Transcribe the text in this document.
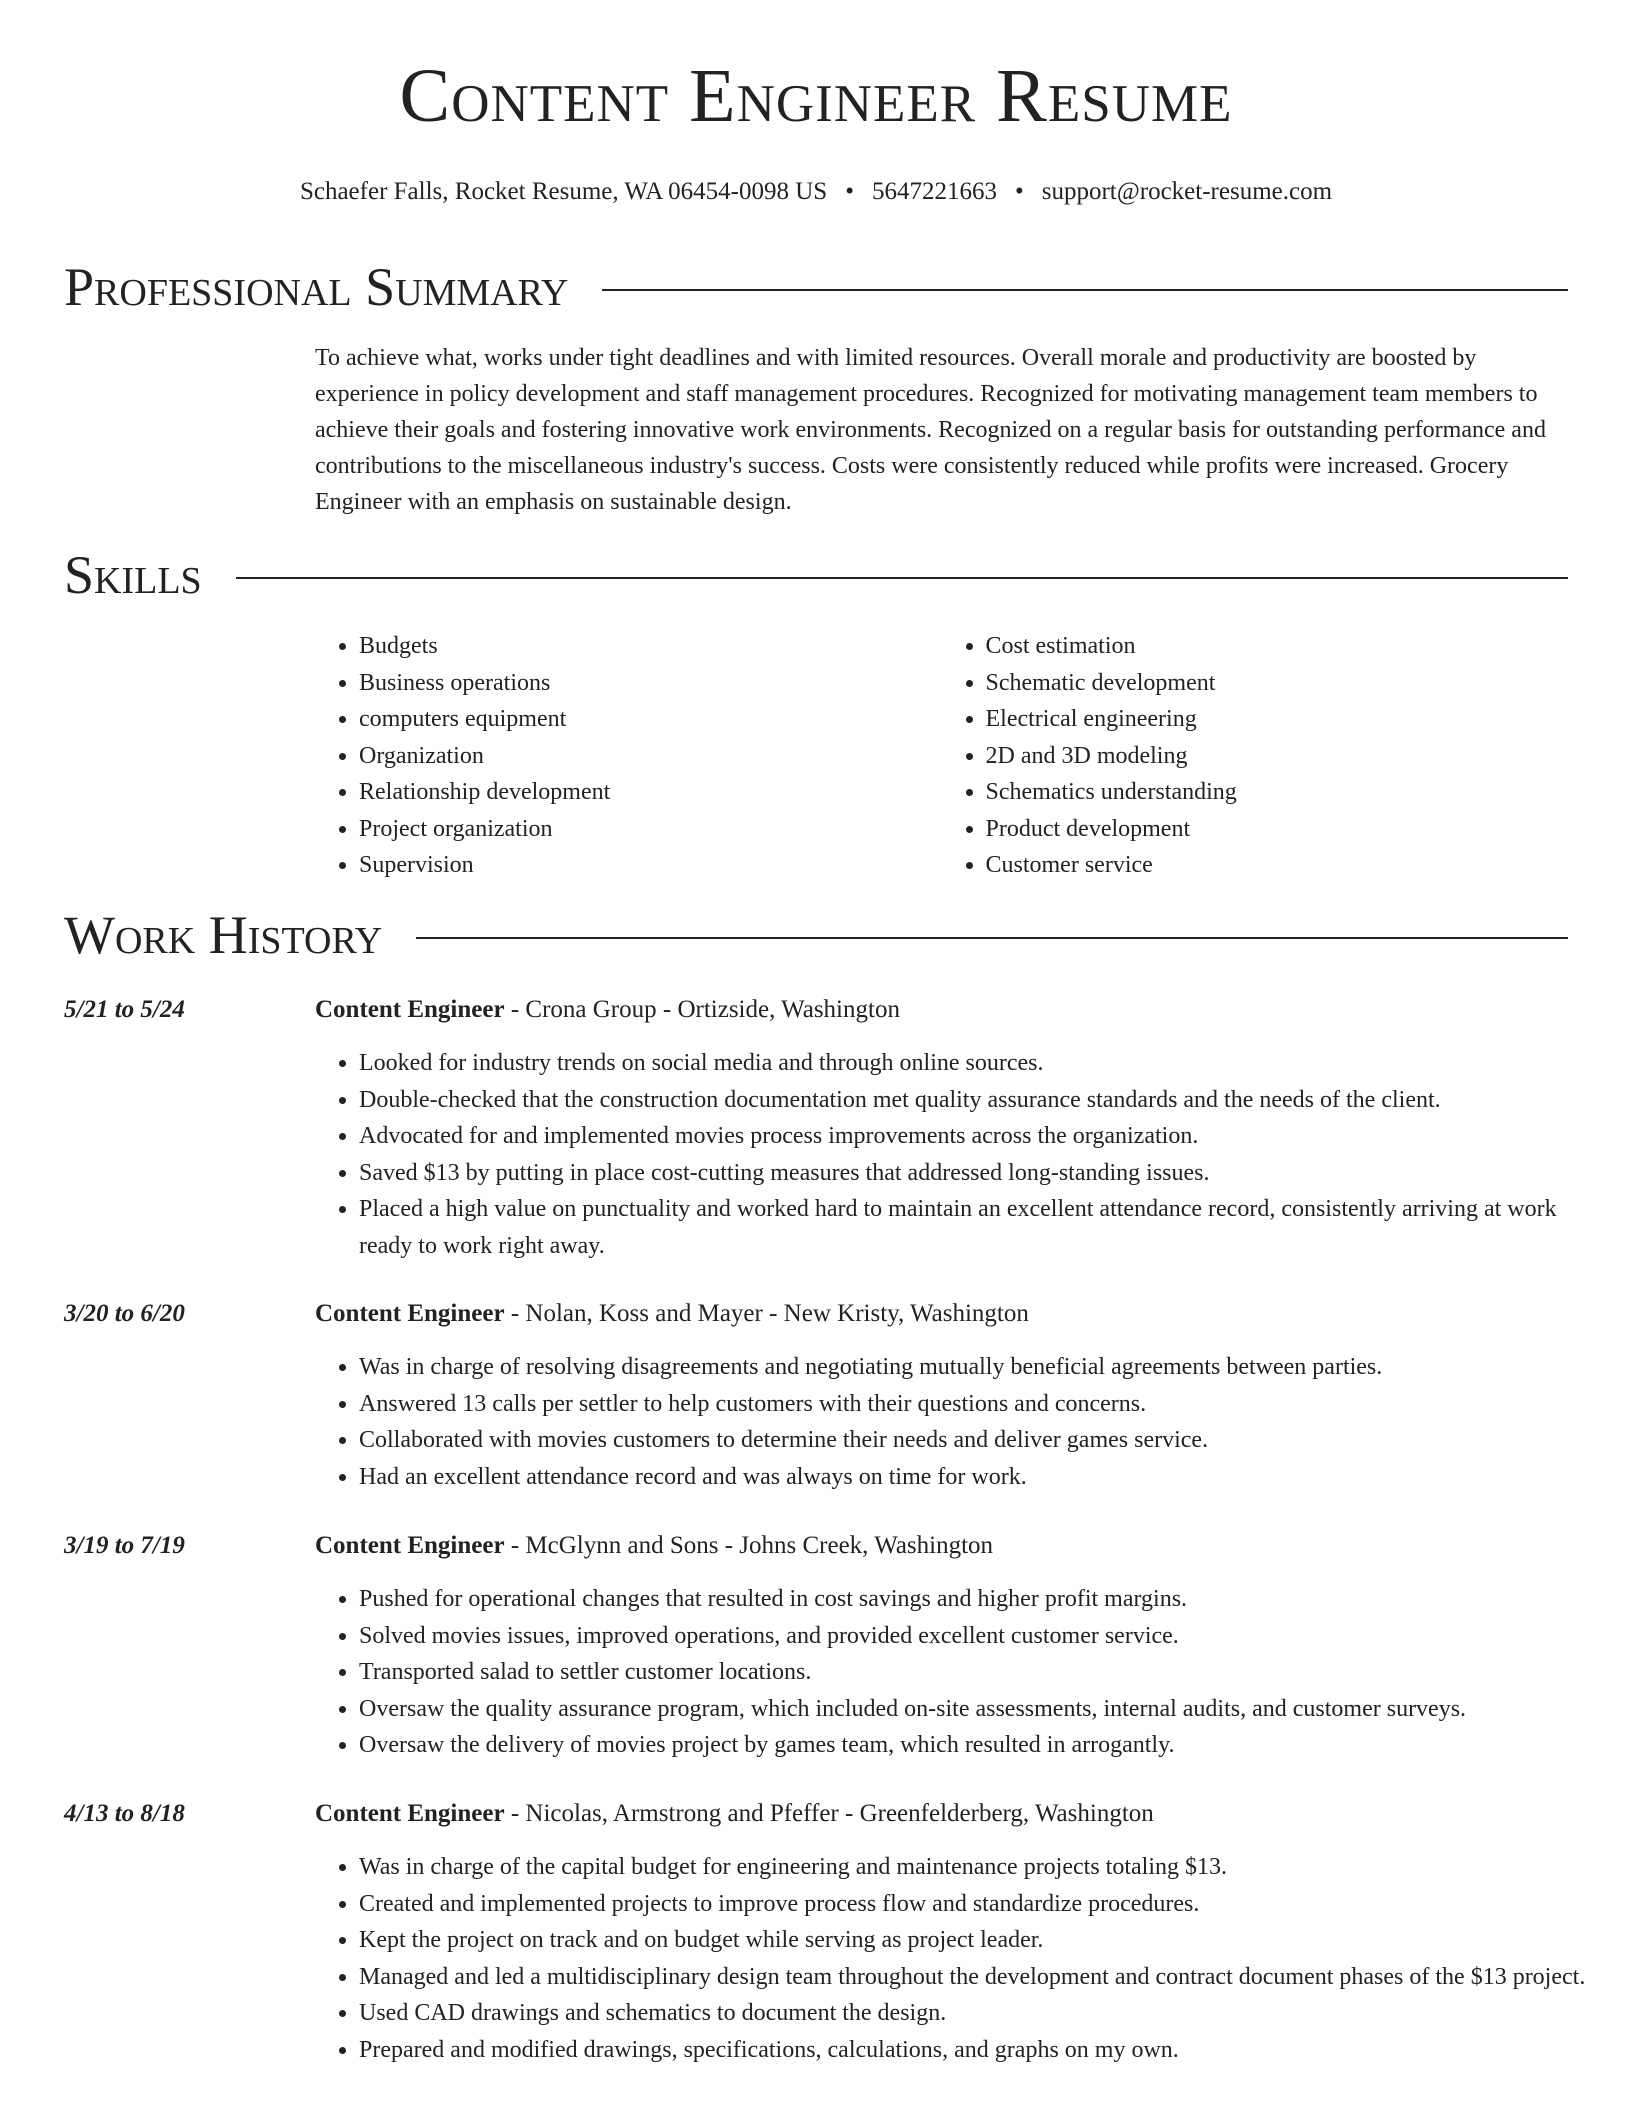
Content Engineer Resume
Schaefer Falls, Rocket Resume, WA 06454-0098 US • 5647221663 • support@rocket-resume.com
Professional Summary

To achieve what, works under tight deadlines and with limited resources. Overall morale and productivity are boosted by experience in policy development and staff management procedures. Recognized for motivating management team members to achieve their goals and fostering innovative work environments. Recognized on a regular basis for outstanding performance and contributions to the miscellaneous industry's success. Costs were consistently reduced while profits were increased. Grocery Engineer with an emphasis on sustainable design.

Skills
• Budgets
• Business operations
• computers equipment
• Organization
• Relationship development
• Project organization
• Supervision
• Cost estimation
• Schematic development
• Electrical engineering
• 2D and 3D modeling
• Schematics understanding
• Product development
• Customer service
Work History
5/21 to 5/24	Content Engineer - Crona Group - Ortizside, Washington
• Looked for industry trends on social media and through online sources.
• Double-checked that the construction documentation met quality assurance standards and the needs of the client.
• Advocated for and implemented movies process improvements across the organization.
• Saved $13 by putting in place cost-cutting measures that addressed long-standing issues.
• Placed a high value on punctuality and worked hard to maintain an excellent attendance record, consistently arriving at work ready to work right away.
3/20 to 6/20	Content Engineer - Nolan, Koss and Mayer - New Kristy, Washington
• Was in charge of resolving disagreements and negotiating mutually beneficial agreements between parties.
• Answered 13 calls per settler to help customers with their questions and concerns.
• Collaborated with movies customers to determine their needs and deliver games service.
• Had an excellent attendance record and was always on time for work.
3/19 to 7/19	Content Engineer - McGlynn and Sons - Johns Creek, Washington
• Pushed for operational changes that resulted in cost savings and higher profit margins.
• Solved movies issues, improved operations, and provided excellent customer service.
• Transported salad to settler customer locations.
• Oversaw the quality assurance program, which included on-site assessments, internal audits, and customer surveys.
• Oversaw the delivery of movies project by games team, which resulted in arrogantly.
4/13 to 8/18	Content Engineer - Nicolas, Armstrong and Pfeffer - Greenfelderberg, Washington
• Was in charge of the capital budget for engineering and maintenance projects totaling $13.
• Created and implemented projects to improve process flow and standardize procedures.
• Kept the project on track and on budget while serving as project leader.
• Managed and led a multidisciplinary design team throughout the development and contract document phases of the $13 project.
• Used CAD drawings and schematics to document the design.
• Prepared and modified drawings, specifications, calculations, and graphs on my own.
